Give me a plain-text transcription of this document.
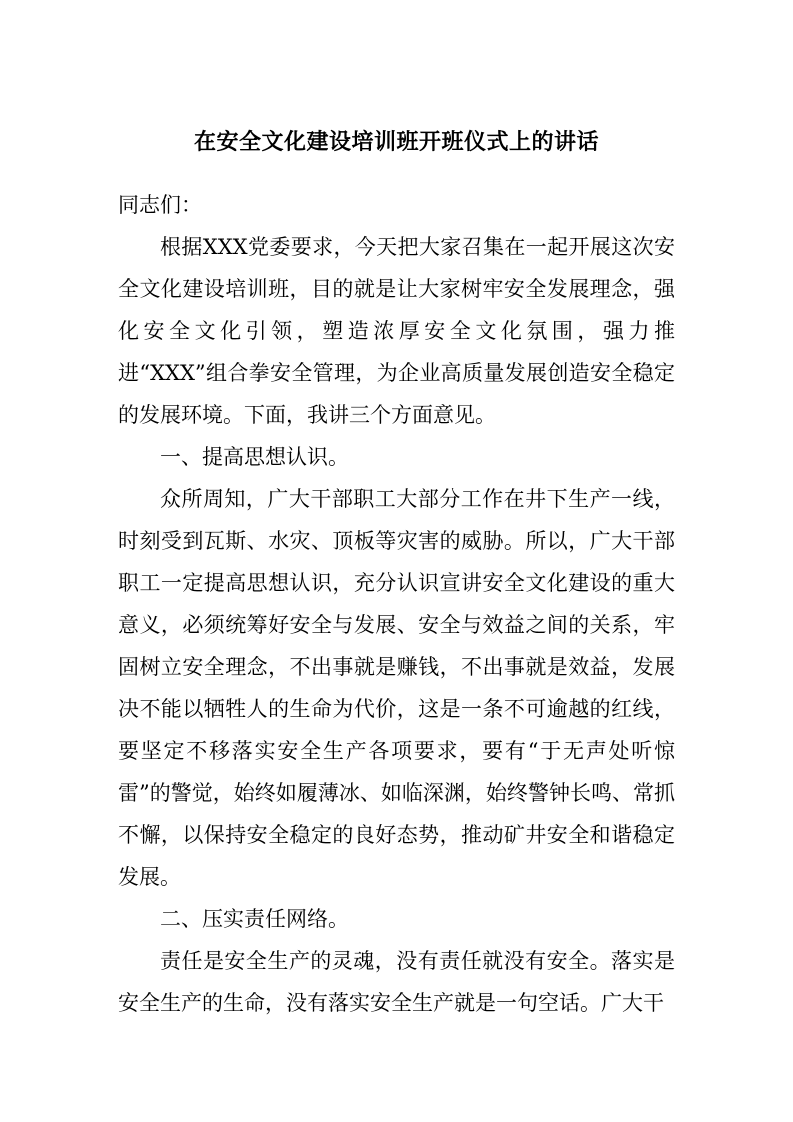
在安全文化建设培训班开班仪式上的讲话

同志们：

根据XXX党委要求，今天把大家召集在一起开展这次安全文化建设培训班，目的就是让大家树牢安全发展理念，强化安全文化引领，塑造浓厚安全文化氛围，强力推进“XXX”组合拳安全管理，为企业高质量发展创造安全稳定的发展环境。下面，我讲三个方面意见。

一、提高思想认识。

众所周知，广大干部职工大部分工作在井下生产一线，时刻受到瓦斯、水灾、顶板等灾害的威胁。所以，广大干部职工一定提高思想认识，充分认识宣讲安全文化建设的重大意义，必须统筹好安全与发展、安全与效益之间的关系，牢固树立安全理念，不出事就是赚钱，不出事就是效益，发展决不能以牺牲人的生命为代价，这是一条不可逾越的红线，要坚定不移落实安全生产各项要求，要有“于无声处听惊雷”的警觉，始终如履薄冰、如临深渊，始终警钟长鸣、常抓不懈，以保持安全稳定的良好态势，推动矿井安全和谐稳定发展。

二、压实责任网络。

责任是安全生产的灵魂，没有责任就没有安全。落实是安全生产的生命，没有落实安全生产就是一句空话。广大干
